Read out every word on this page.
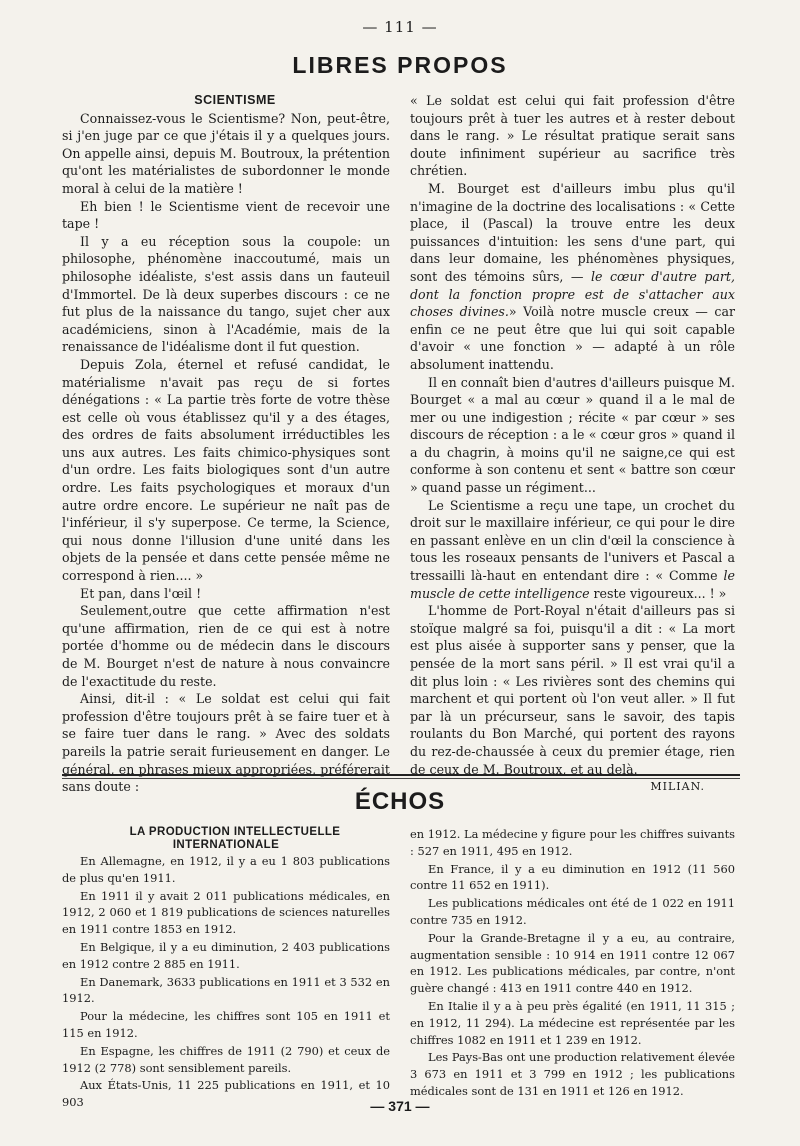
— 111 —
LIBRES PROPOS

SCIENTISME

Connaissez-vous le Scientisme? Non, peut-être, si j'en juge par ce que j'étais il y a quelques jours. On appelle ainsi, depuis M. Boutroux, la prétention qu'ont les matérialistes de subordonner le monde moral à celui de la matière !

Eh bien ! le Scientisme vient de recevoir une tape !

Il y a eu réception sous la coupole: un philosophe, phénomène inaccoutumé, mais un philosophe idéaliste, s'est assis dans un fauteuil d'Immortel. De là deux superbes discours : ce ne fut plus de la naissance du tango, sujet cher aux académiciens, sinon à l'Académie, mais de la renaissance de l'idéalisme dont il fut question.

Depuis Zola, éternel et refusé candidat, le matérialisme n'avait pas reçu de si fortes dénégations : « La partie très forte de votre thèse est celle où vous établissez qu'il y a des étages, des ordres de faits absolument irréductibles les uns aux autres. Les faits chimico-physiques sont d'un ordre. Les faits biologiques sont d'un autre ordre. Les faits psychologiques et moraux d'un autre ordre encore. Le supérieur ne naît pas de l'inférieur, il s'y superpose. Ce terme, la Science, qui nous donne l'illusion d'une unité dans les objets de la pensée et dans cette pensée même ne correspond à rien.... »

Et pan, dans l'œil !

Seulement,outre que cette affirmation n'est qu'une affirmation, rien de ce qui est à notre portée d'homme ou de médecin dans le discours de M. Bourget n'est de nature à nous convaincre de l'exactitude du reste.

Ainsi, dit-il : « Le soldat est celui qui fait profession d'être toujours prêt à se faire tuer et à se faire tuer dans le rang. » Avec des soldats pareils la patrie serait furieusement en danger. Le général, en phrases mieux appropriées, préférerait sans doute :

« Le soldat est celui qui fait profession d'être toujours prêt à tuer les autres et à rester debout dans le rang. » Le résultat pratique serait sans doute infiniment supérieur au sacrifice très chrétien.

M. Bourget est d'ailleurs imbu plus qu'il n'imagine de la doctrine des localisations : « Cette place, il (Pascal) la trouve entre les deux puissances d'intuition: les sens d'une part, qui dans leur domaine, les phénomènes physiques, sont des témoins sûrs, — le cœur d'autre part, dont la fonction propre est de s'attacher aux choses divines.» Voilà notre muscle creux — car enfin ce ne peut être que lui qui soit capable d'avoir « une fonction » — adapté à un rôle absolument inattendu.

Il en connaît bien d'autres d'ailleurs puisque M. Bourget « a mal au cœur » quand il a le mal de mer ou une indigestion ; récite « par cœur » ses discours de réception : a le « cœur gros » quand il a du chagrin, à moins qu'il ne saigne,ce qui est conforme à son contenu et sent « battre son cœur » quand passe un régiment...

Le Scientisme a reçu une tape, un crochet du droit sur le maxillaire inférieur, ce qui pour le dire en passant enlève en un clin d'œil la conscience à tous les roseaux pensants de l'univers et Pascal a tressailli là-haut en entendant dire : « Comme le muscle de cette intelligence reste vigoureux... ! »

L'homme de Port-Royal n'était d'ailleurs pas si stoïque malgré sa foi, puisqu'il a dit : « La mort est plus aisée à supporter sans y penser, que la pensée de la mort sans péril. » Il est vrai qu'il a dit plus loin : « Les rivières sont des chemins qui marchent et qui portent où l'on veut aller. » Il fut par là un précurseur, sans le savoir, des tapis roulants du Bon Marché, qui portent des rayons du rez-de-chaussée à ceux du premier étage, rien de ceux de M. Boutroux, et au delà.

MILIAN.
ÉCHOS

LA PRODUCTION INTELLECTUELLE INTERNATIONALE

En Allemagne, en 1912, il y a eu 1 803 publications de plus qu'en 1911.

En 1911 il y avait 2 011 publications médicales, en 1912, 2 060 et 1 819 publications de sciences naturelles en 1911 contre 1853 en 1912.

En Belgique, il y a eu diminution, 2 403 publications en 1912 contre 2 885 en 1911.

En Danemark, 3633 publications en 1911 et 3 532 en 1912.

Pour la médecine, les chiffres sont 105 en 1911 et 115 en 1912.

En Espagne, les chiffres de 1911 (2 790) et ceux de 1912 (2 778) sont sensiblement pareils.

Aux États-Unis, 11 225 publications en 1911, et 10 903

en 1912. La médecine y figure pour les chiffres suivants : 527 en 1911, 495 en 1912.

En France, il y a eu diminution en 1912 (11 560 contre 11 652 en 1911).

Les publications médicales ont été de 1 022 en 1911 contre 735 en 1912.

Pour la Grande-Bretagne il y a eu, au contraire, augmentation sensible : 10 914 en 1911 contre 12 067 en 1912. Les publications médicales, par contre, n'ont guère changé : 413 en 1911 contre 440 en 1912.

En Italie il y a à peu près égalité (en 1911, 11 315 ; en 1912, 11 294). La médecine est représentée par les chiffres 1082 en 1911 et 1 239 en 1912.

Les Pays-Bas ont une production relativement élevée 3 673 en 1911 et 3 799 en 1912 ; les publications médicales sont de 131 en 1911 et 126 en 1912.

— 371 —
